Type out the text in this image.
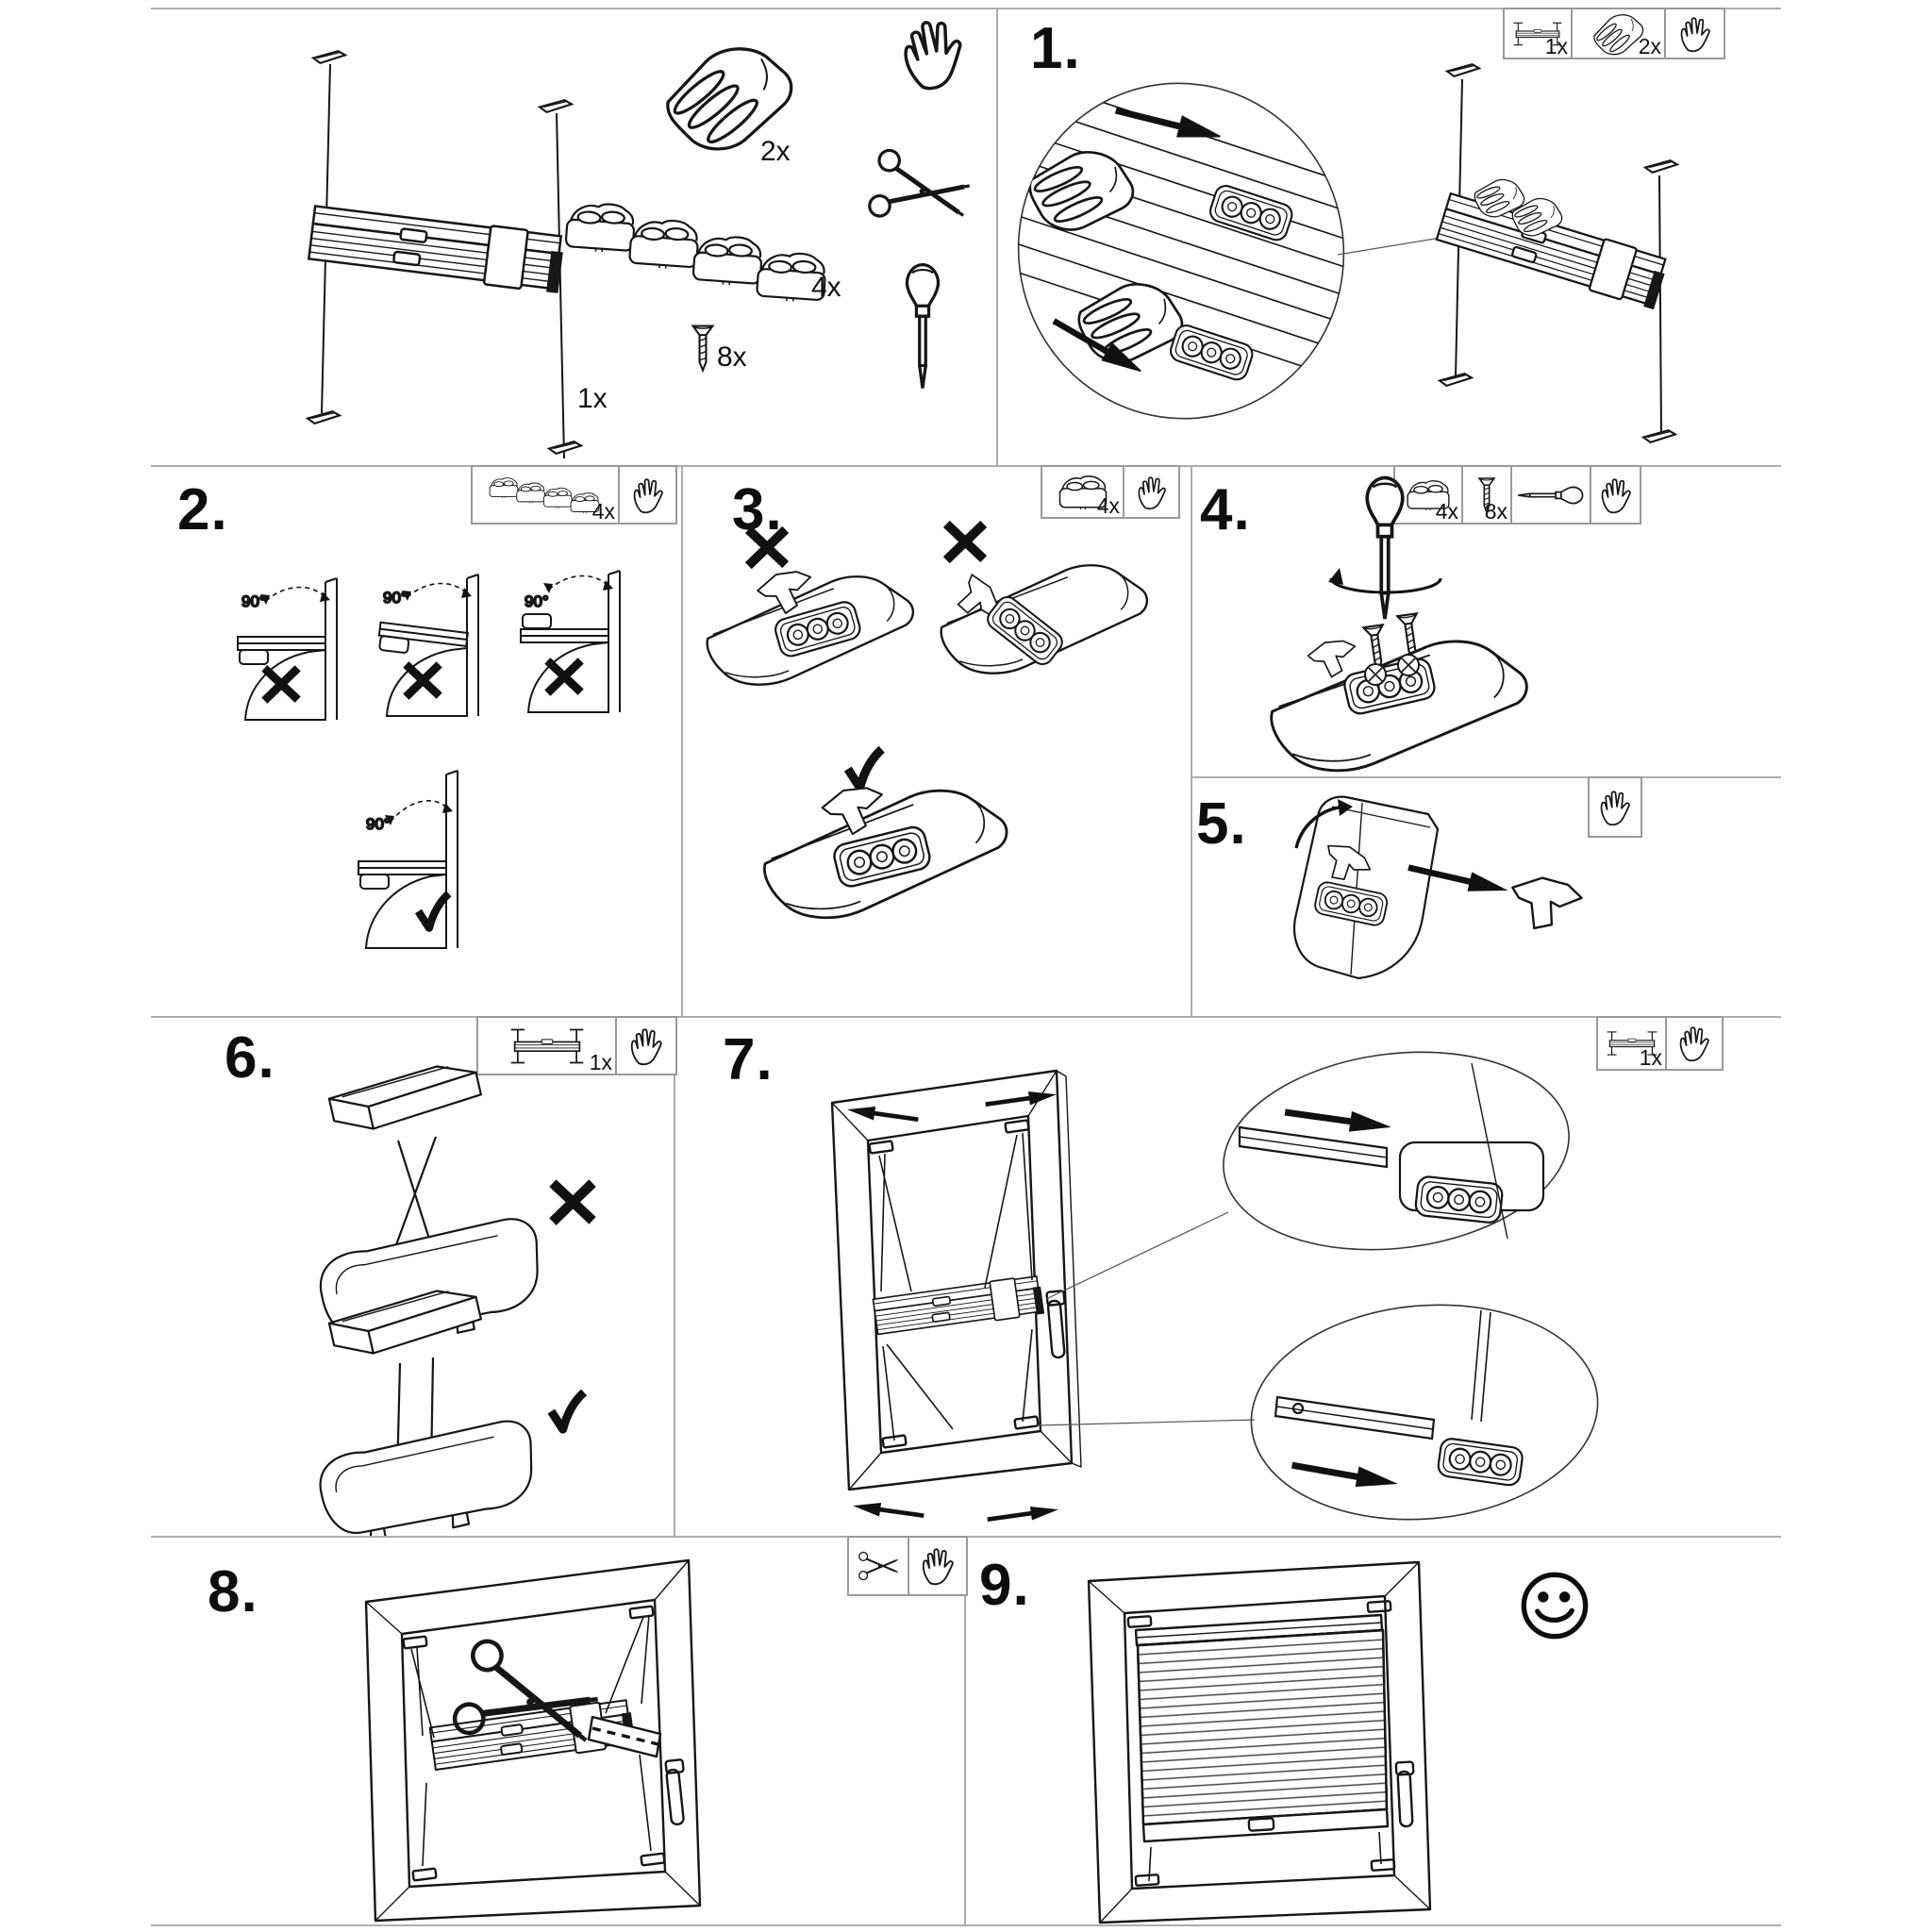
1x
2x
4x
8x
1.	1x	2x
2.	4x
90°	90°	90°
90°
3.	4x 4.	4x 8x
5.
6.	1x 7.	1x
8.	9.
